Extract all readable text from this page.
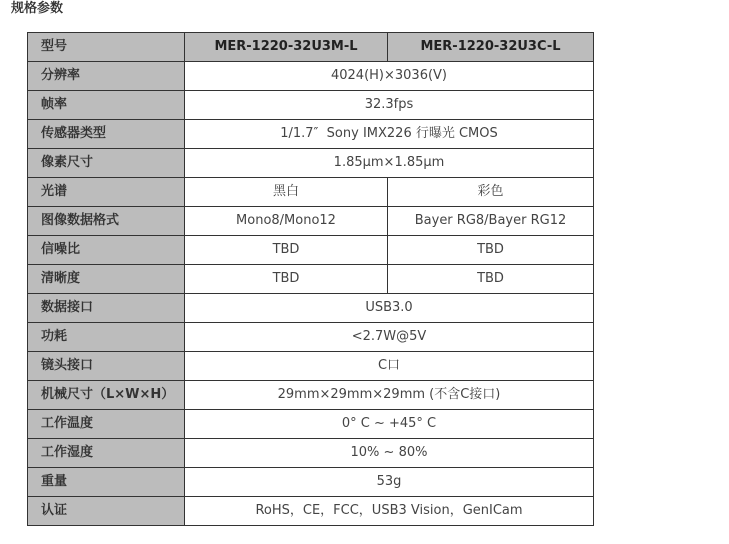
规格参数
型号	MER-1220-32U3M-L	MER-1220-32U3C-L
分辨率	4024(H)×3036(V)	
帧率	32.3fps	
传感器类型	1/1.7″  Sony IMX226 行曝光 CMOS	
像素尺寸	1.85μm×1.85μm	
光谱	黑白	彩色
图像数据格式	Mono8/Mono12	Bayer RG8/Bayer RG12
信噪比	TBD	TBD
清晰度	TBD	TBD
数据接口	USB3.0	
功耗	<2.7W@5V	
镜头接口	C口	
机械尺寸（L×W×H）	29mm×29mm×29mm (不含C接口)	
工作温度	0° C ~ +45° C	
工作湿度	10% ~ 80%	
重量	53g	
认证	RoHS，CE，FCC，USB3 Vision，GenICam	
